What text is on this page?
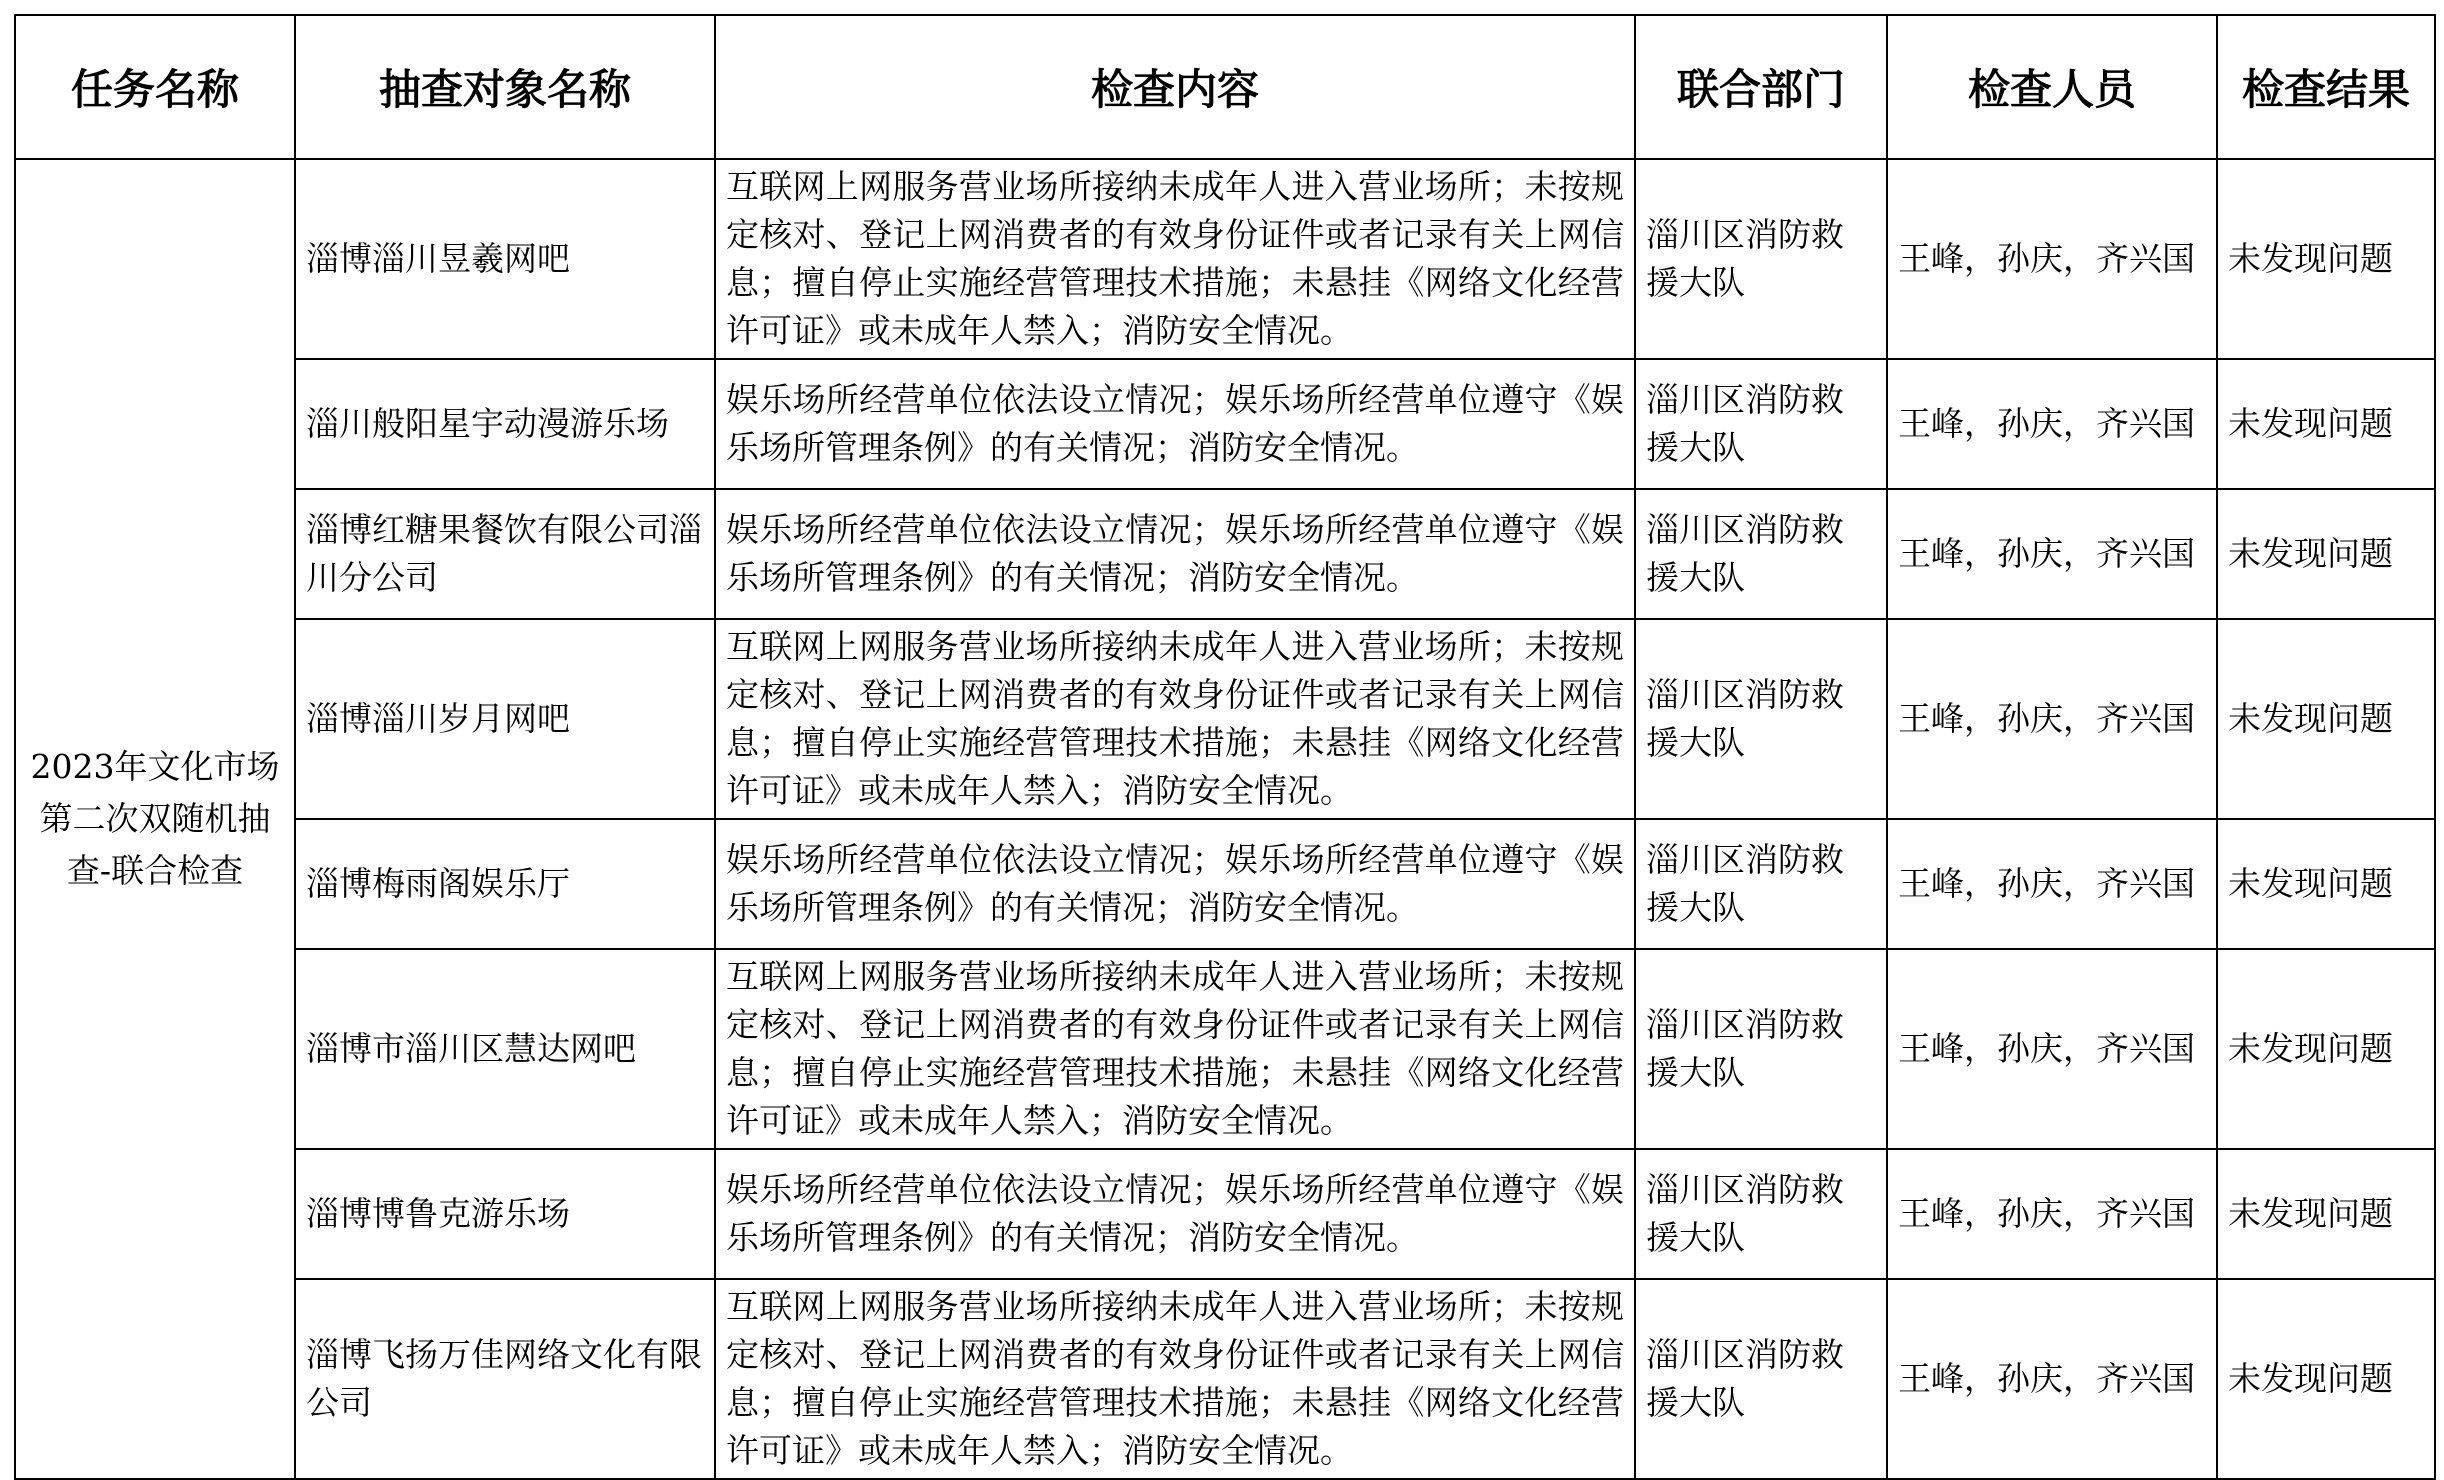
任务名称	抽查对象名称	检查内容	联合部门	检查人员	检查结果
2023年文化市场第二次双随机抽查-联合检查	淄博淄川昱羲网吧	互联网上网服务营业场所接纳未成年人进入营业场所；未按规定核对、登记上网消费者的有效身份证件或者记录有关上网信息；擅自停止实施经营管理技术措施；未悬挂《网络文化经营许可证》或未成年人禁入；消防安全情况。	淄川区消防救援大队	王峰，孙庆，齐兴国	未发现问题
	淄川般阳星宇动漫游乐场	娱乐场所经营单位依法设立情况；娱乐场所经营单位遵守《娱乐场所管理条例》的有关情况；消防安全情况。	淄川区消防救援大队	王峰，孙庆，齐兴国	未发现问题
	淄博红糖果餐饮有限公司淄川分公司	娱乐场所经营单位依法设立情况；娱乐场所经营单位遵守《娱乐场所管理条例》的有关情况；消防安全情况。	淄川区消防救援大队	王峰，孙庆，齐兴国	未发现问题
	淄博淄川岁月网吧	互联网上网服务营业场所接纳未成年人进入营业场所；未按规定核对、登记上网消费者的有效身份证件或者记录有关上网信息；擅自停止实施经营管理技术措施；未悬挂《网络文化经营许可证》或未成年人禁入；消防安全情况。	淄川区消防救援大队	王峰，孙庆，齐兴国	未发现问题
	淄博梅雨阁娱乐厅	娱乐场所经营单位依法设立情况；娱乐场所经营单位遵守《娱乐场所管理条例》的有关情况；消防安全情况。	淄川区消防救援大队	王峰，孙庆，齐兴国	未发现问题
	淄博市淄川区慧达网吧	互联网上网服务营业场所接纳未成年人进入营业场所；未按规定核对、登记上网消费者的有效身份证件或者记录有关上网信息；擅自停止实施经营管理技术措施；未悬挂《网络文化经营许可证》或未成年人禁入；消防安全情况。	淄川区消防救援大队	王峰，孙庆，齐兴国	未发现问题
	淄博博鲁克游乐场	娱乐场所经营单位依法设立情况；娱乐场所经营单位遵守《娱乐场所管理条例》的有关情况；消防安全情况。	淄川区消防救援大队	王峰，孙庆，齐兴国	未发现问题
	淄博飞扬万佳网络文化有限公司	互联网上网服务营业场所接纳未成年人进入营业场所；未按规定核对、登记上网消费者的有效身份证件或者记录有关上网信息；擅自停止实施经营管理技术措施；未悬挂《网络文化经营许可证》或未成年人禁入；消防安全情况。	淄川区消防救援大队	王峰，孙庆，齐兴国	未发现问题
